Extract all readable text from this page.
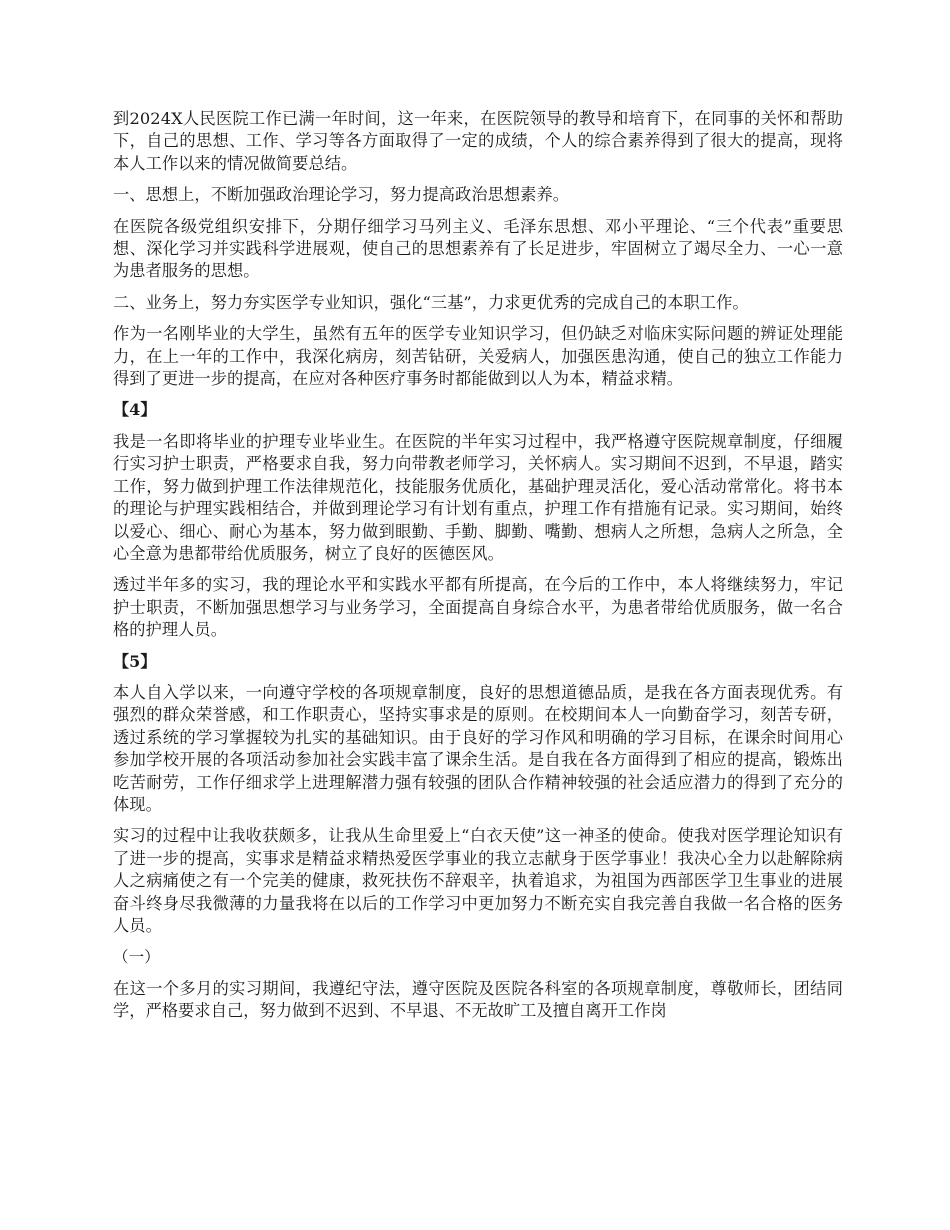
到2024X人民医院工作已满一年时间，这一年来，在医院领导的教导和培育下，在同事的关怀和帮助下，自己的思想、工作、学习等各方面取得了一定的成绩，个人的综合素养得到了很大的提高，现将本人工作以来的情况做简要总结。

一、思想上，不断加强政治理论学习，努力提高政治思想素养。

在医院各级党组织安排下，分期仔细学习马列主义、毛泽东思想、邓小平理论、“三个代表”重要思想、深化学习并实践科学进展观，使自己的思想素养有了长足进步，牢固树立了竭尽全力、一心一意为患者服务的思想。

二、业务上，努力夯实医学专业知识，强化“三基”，力求更优秀的完成自己的本职工作。

作为一名刚毕业的大学生，虽然有五年的医学专业知识学习，但仍缺乏对临床实际问题的辨证处理能力，在上一年的工作中，我深化病房，刻苦钻研，关爱病人，加强医患沟通，使自己的独立工作能力得到了更进一步的提高，在应对各种医疗事务时都能做到以人为本，精益求精。

【4】

我是一名即将毕业的护理专业毕业生。在医院的半年实习过程中，我严格遵守医院规章制度，仔细履行实习护士职责，严格要求自我，努力向带教老师学习，关怀病人。实习期间不迟到，不早退，踏实工作，努力做到护理工作法律规范化，技能服务优质化，基础护理灵活化，爱心活动常常化。将书本的理论与护理实践相结合，并做到理论学习有计划有重点，护理工作有措施有记录。实习期间，始终以爱心、细心、耐心为基本，努力做到眼勤、手勤、脚勤、嘴勤、想病人之所想，急病人之所急，全心全意为患都带给优质服务，树立了良好的医德医风。

透过半年多的实习，我的理论水平和实践水平都有所提高，在今后的工作中，本人将继续努力，牢记护士职责，不断加强思想学习与业务学习，全面提高自身综合水平，为患者带给优质服务，做一名合格的护理人员。

【5】

本人自入学以来，一向遵守学校的各项规章制度，良好的思想道德品质，是我在各方面表现优秀。有强烈的群众荣誉感，和工作职责心，坚持实事求是的原则。在校期间本人一向勤奋学习，刻苦专研，透过系统的学习掌握较为扎实的基础知识。由于良好的学习作风和明确的学习目标，在课余时间用心参加学校开展的各项活动参加社会实践丰富了课余生活。是自我在各方面得到了相应的提高，锻炼出吃苦耐劳，工作仔细求学上进理解潜力强有较强的团队合作精神较强的社会适应潜力的得到了充分的体现。

实习的过程中让我收获颇多，让我从生命里爱上“白衣天使”这一神圣的使命。使我对医学理论知识有了进一步的提高，实事求是精益求精热爱医学事业的我立志献身于医学事业！我决心全力以赴解除病人之病痛使之有一个完美的健康，救死扶伤不辞艰辛，执着追求，为祖国为西部医学卫生事业的进展奋斗终身尽我微薄的力量我将在以后的工作学习中更加努力不断充实自我完善自我做一名合格的医务人员。

（一）

在这一个多月的实习期间，我遵纪守法，遵守医院及医院各科室的各项规章制度，尊敬师长，团结同学，严格要求自己，努力做到不迟到、不早退、不无故旷工及擅自离开工作岗
